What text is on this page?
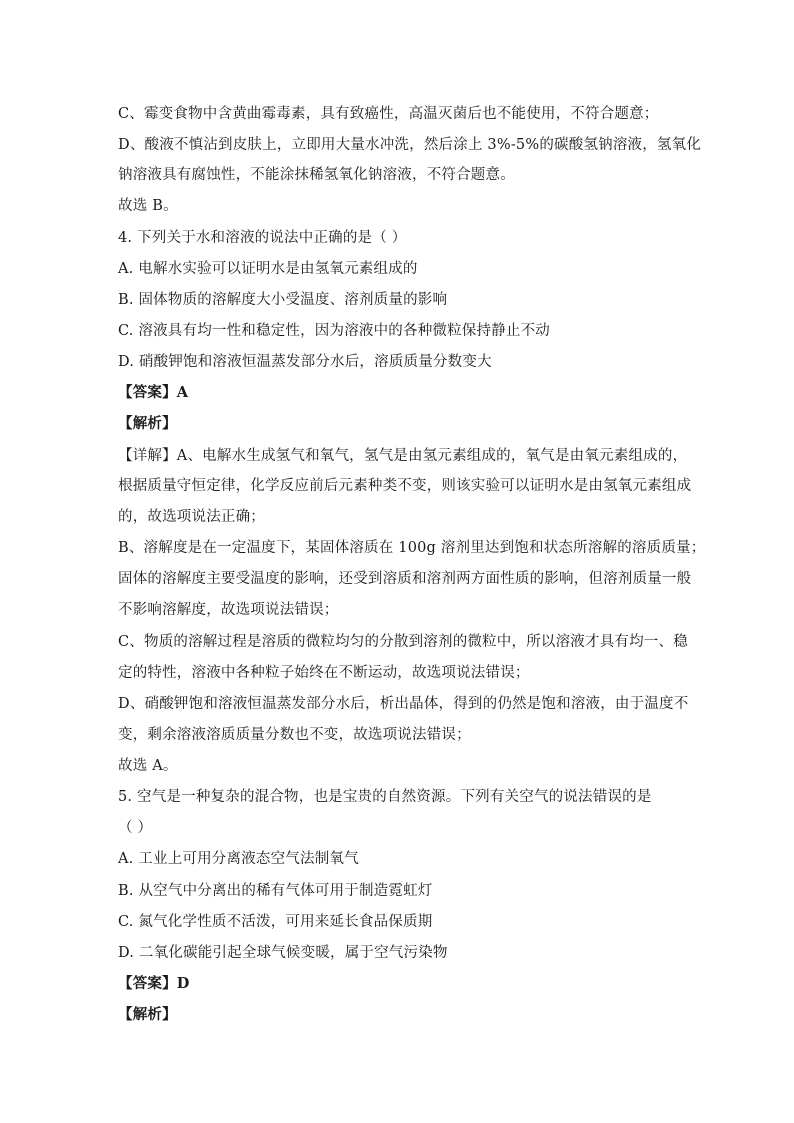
C、霉变食物中含黄曲霉毒素，具有致癌性，高温灭菌后也不能使用，不符合题意；
D、酸液不慎沾到皮肤上，立即用大量水冲洗，然后涂上 3%-5%的碳酸氢钠溶液，氢氧化
钠溶液具有腐蚀性，不能涂抹稀氢氧化钠溶液，不符合题意。
故选 B。
4. 下列关于水和溶液的说法中正确的是（ ）
A. 电解水实验可以证明水是由氢氧元素组成的
B. 固体物质的溶解度大小受温度、溶剂质量的影响
C. 溶液具有均一性和稳定性，因为溶液中的各种微粒保持静止不动
D. 硝酸钾饱和溶液恒温蒸发部分水后，溶质质量分数变大
【答案】A
【解析】
【详解】A、电解水生成氢气和氧气，氢气是由氢元素组成的，氧气是由氧元素组成的，
根据质量守恒定律，化学反应前后元素种类不变，则该实验可以证明水是由氢氧元素组成
的，故选项说法正确；
B、溶解度是在一定温度下，某固体溶质在 100g 溶剂里达到饱和状态所溶解的溶质质量；
固体的溶解度主要受温度的影响，还受到溶质和溶剂两方面性质的影响，但溶剂质量一般
不影响溶解度，故选项说法错误；
C、物质的溶解过程是溶质的微粒均匀的分散到溶剂的微粒中，所以溶液才具有均一、稳
定的特性，溶液中各种粒子始终在不断运动，故选项说法错误；
D、硝酸钾饱和溶液恒温蒸发部分水后，析出晶体，得到的仍然是饱和溶液，由于温度不
变，剩余溶液溶质质量分数也不变，故选项说法错误；
故选 A。
5. 空气是一种复杂的混合物，也是宝贵的自然资源。下列有关空气的说法错误的是
（ ）
A. 工业上可用分离液态空气法制氧气
B. 从空气中分离出的稀有气体可用于制造霓虹灯
C. 氮气化学性质不活泼，可用来延长食品保质期
D. 二氧化碳能引起全球气候变暖，属于空气污染物
【答案】D
【解析】
